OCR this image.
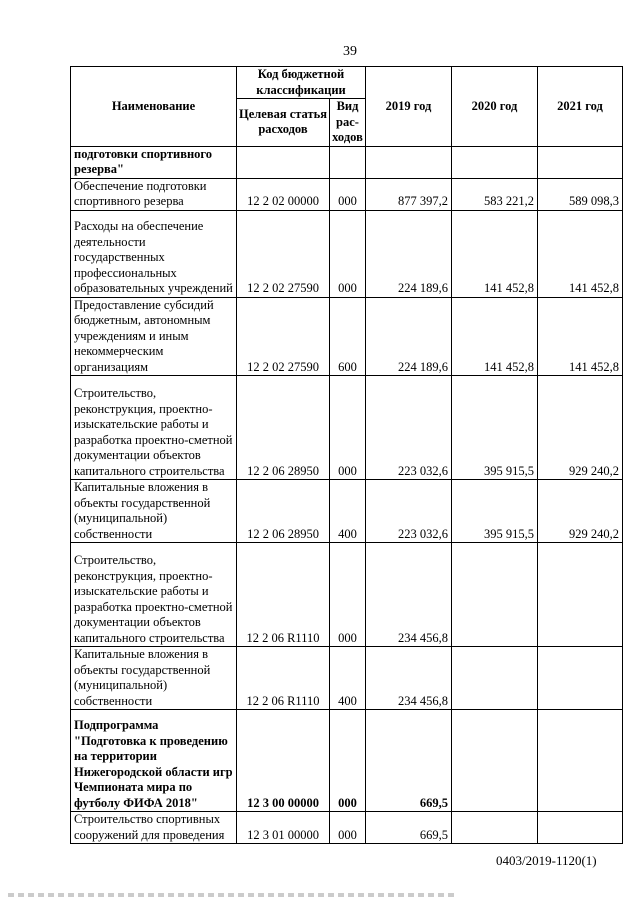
39
Наименование	Код бюджетной классификации		2019 год	2020 год	2021 год
	Целевая статья расходов	Вид рас-ходов			
подготовки спортивного резерва"					
Обеспечение подготовки спортивного резерва	12 2 02 00000	000	877 397,2	583 221,2	589 098,3
Расходы на обеспечение деятельности государственных профессиональных образовательных учреждений	12 2 02 27590	000	224 189,6	141 452,8	141 452,8
Предоставление субсидий бюджетным, автономным учреждениям и иным некоммерческим организациям	12 2 02 27590	600	224 189,6	141 452,8	141 452,8
Строительство, реконструкция, проектно-изыскательские работы и разработка проектно-сметной документации объектов капитального строительства	12 2 06 28950	000	223 032,6	395 915,5	929 240,2
Капитальные вложения в объекты государственной (муниципальной) собственности	12 2 06 28950	400	223 032,6	395 915,5	929 240,2
Строительство, реконструкция, проектно-изыскательские работы и разработка проектно-сметной документации объектов капитального строительства	12 2 06 R1110	000	234 456,8		
Капитальные вложения в объекты государственной (муниципальной) собственности	12 2 06 R1110	400	234 456,8		
Подпрограмма "Подготовка к проведению на территории Нижегородской области игр Чемпионата мира по футболу ФИФА 2018"	12 3 00 00000	000	669,5		
Строительство спортивных сооружений для проведения	12 3 01 00000	000	669,5		
0403/2019-1120(1)
